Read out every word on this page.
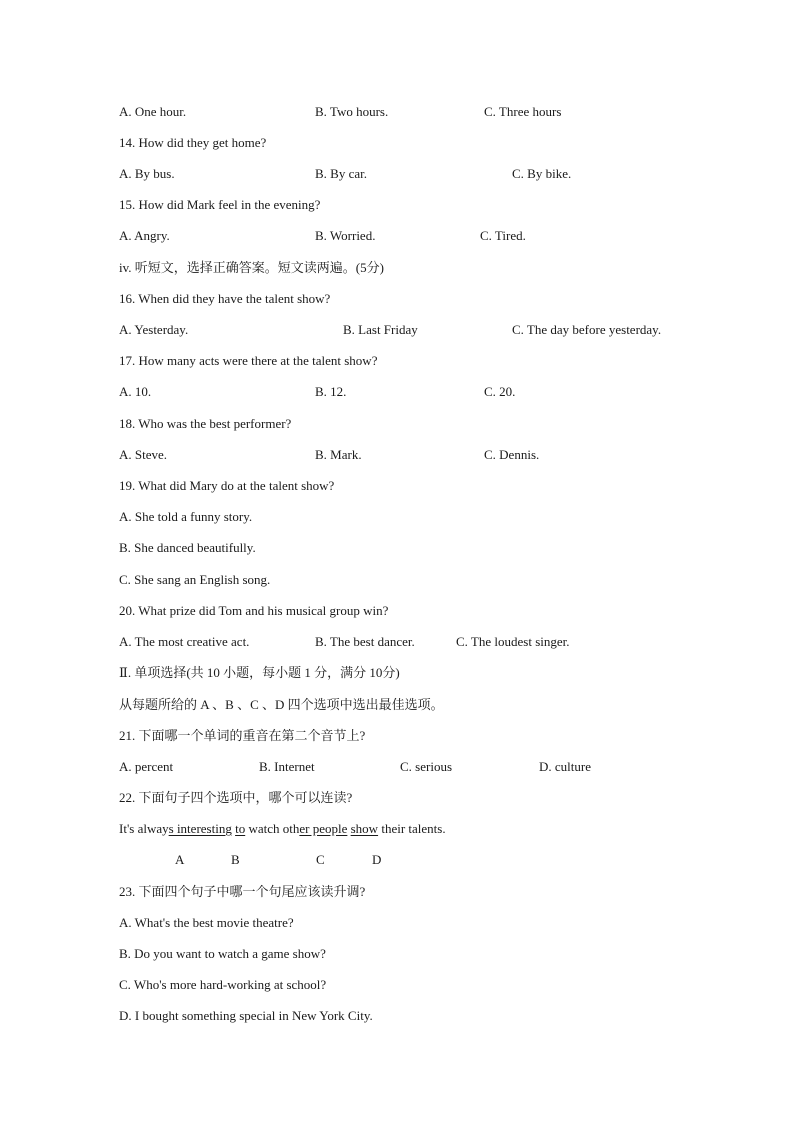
A. One hour.	B. Two hours.	C. Three hours
14. How did they get home?
A. By bus.	B. By car.	C. By bike.
15. How did Mark feel in the evening?
A. Angry.	B. Worried.	C. Tired.
iv. 听短文，选择正确答案。短文读两遍。(5分)
16. When did they have the talent show?
A. Yesterday.	B. Last Friday	C. The day before yesterday.
17. How many acts were there at the talent show?
A. 10.	B. 12.	C. 20.
18. Who was the best performer?
A. Steve.	B. Mark.	C. Dennis.
19. What did Mary do at the talent show?
A. She told a funny story.
B. She danced beautifully.
C. She sang an English song.
20. What prize did Tom and his musical group win?
A. The most creative act.	B. The best dancer.	C. The loudest singer.
Ⅱ. 单项选择(共 10 小题，每小题 1 分，满分 10分)
从每题所给的 A 、B 、C 、D 四个选项中选出最佳选项。
21. 下面哪一个单词的重音在第二个音节上?
A. percent	B. Internet	C. serious	D. culture
22. 下面句子四个选项中，哪个可以连读?
It's always interesting to watch other people show their talents.
A	B	C	D
23. 下面四个句子中哪一个句尾应该读升调?
A. What's the best movie theatre?
B. Do you want to watch a game show?
C. Who's more hard-working at school?
D. I bought something special in New York City.
